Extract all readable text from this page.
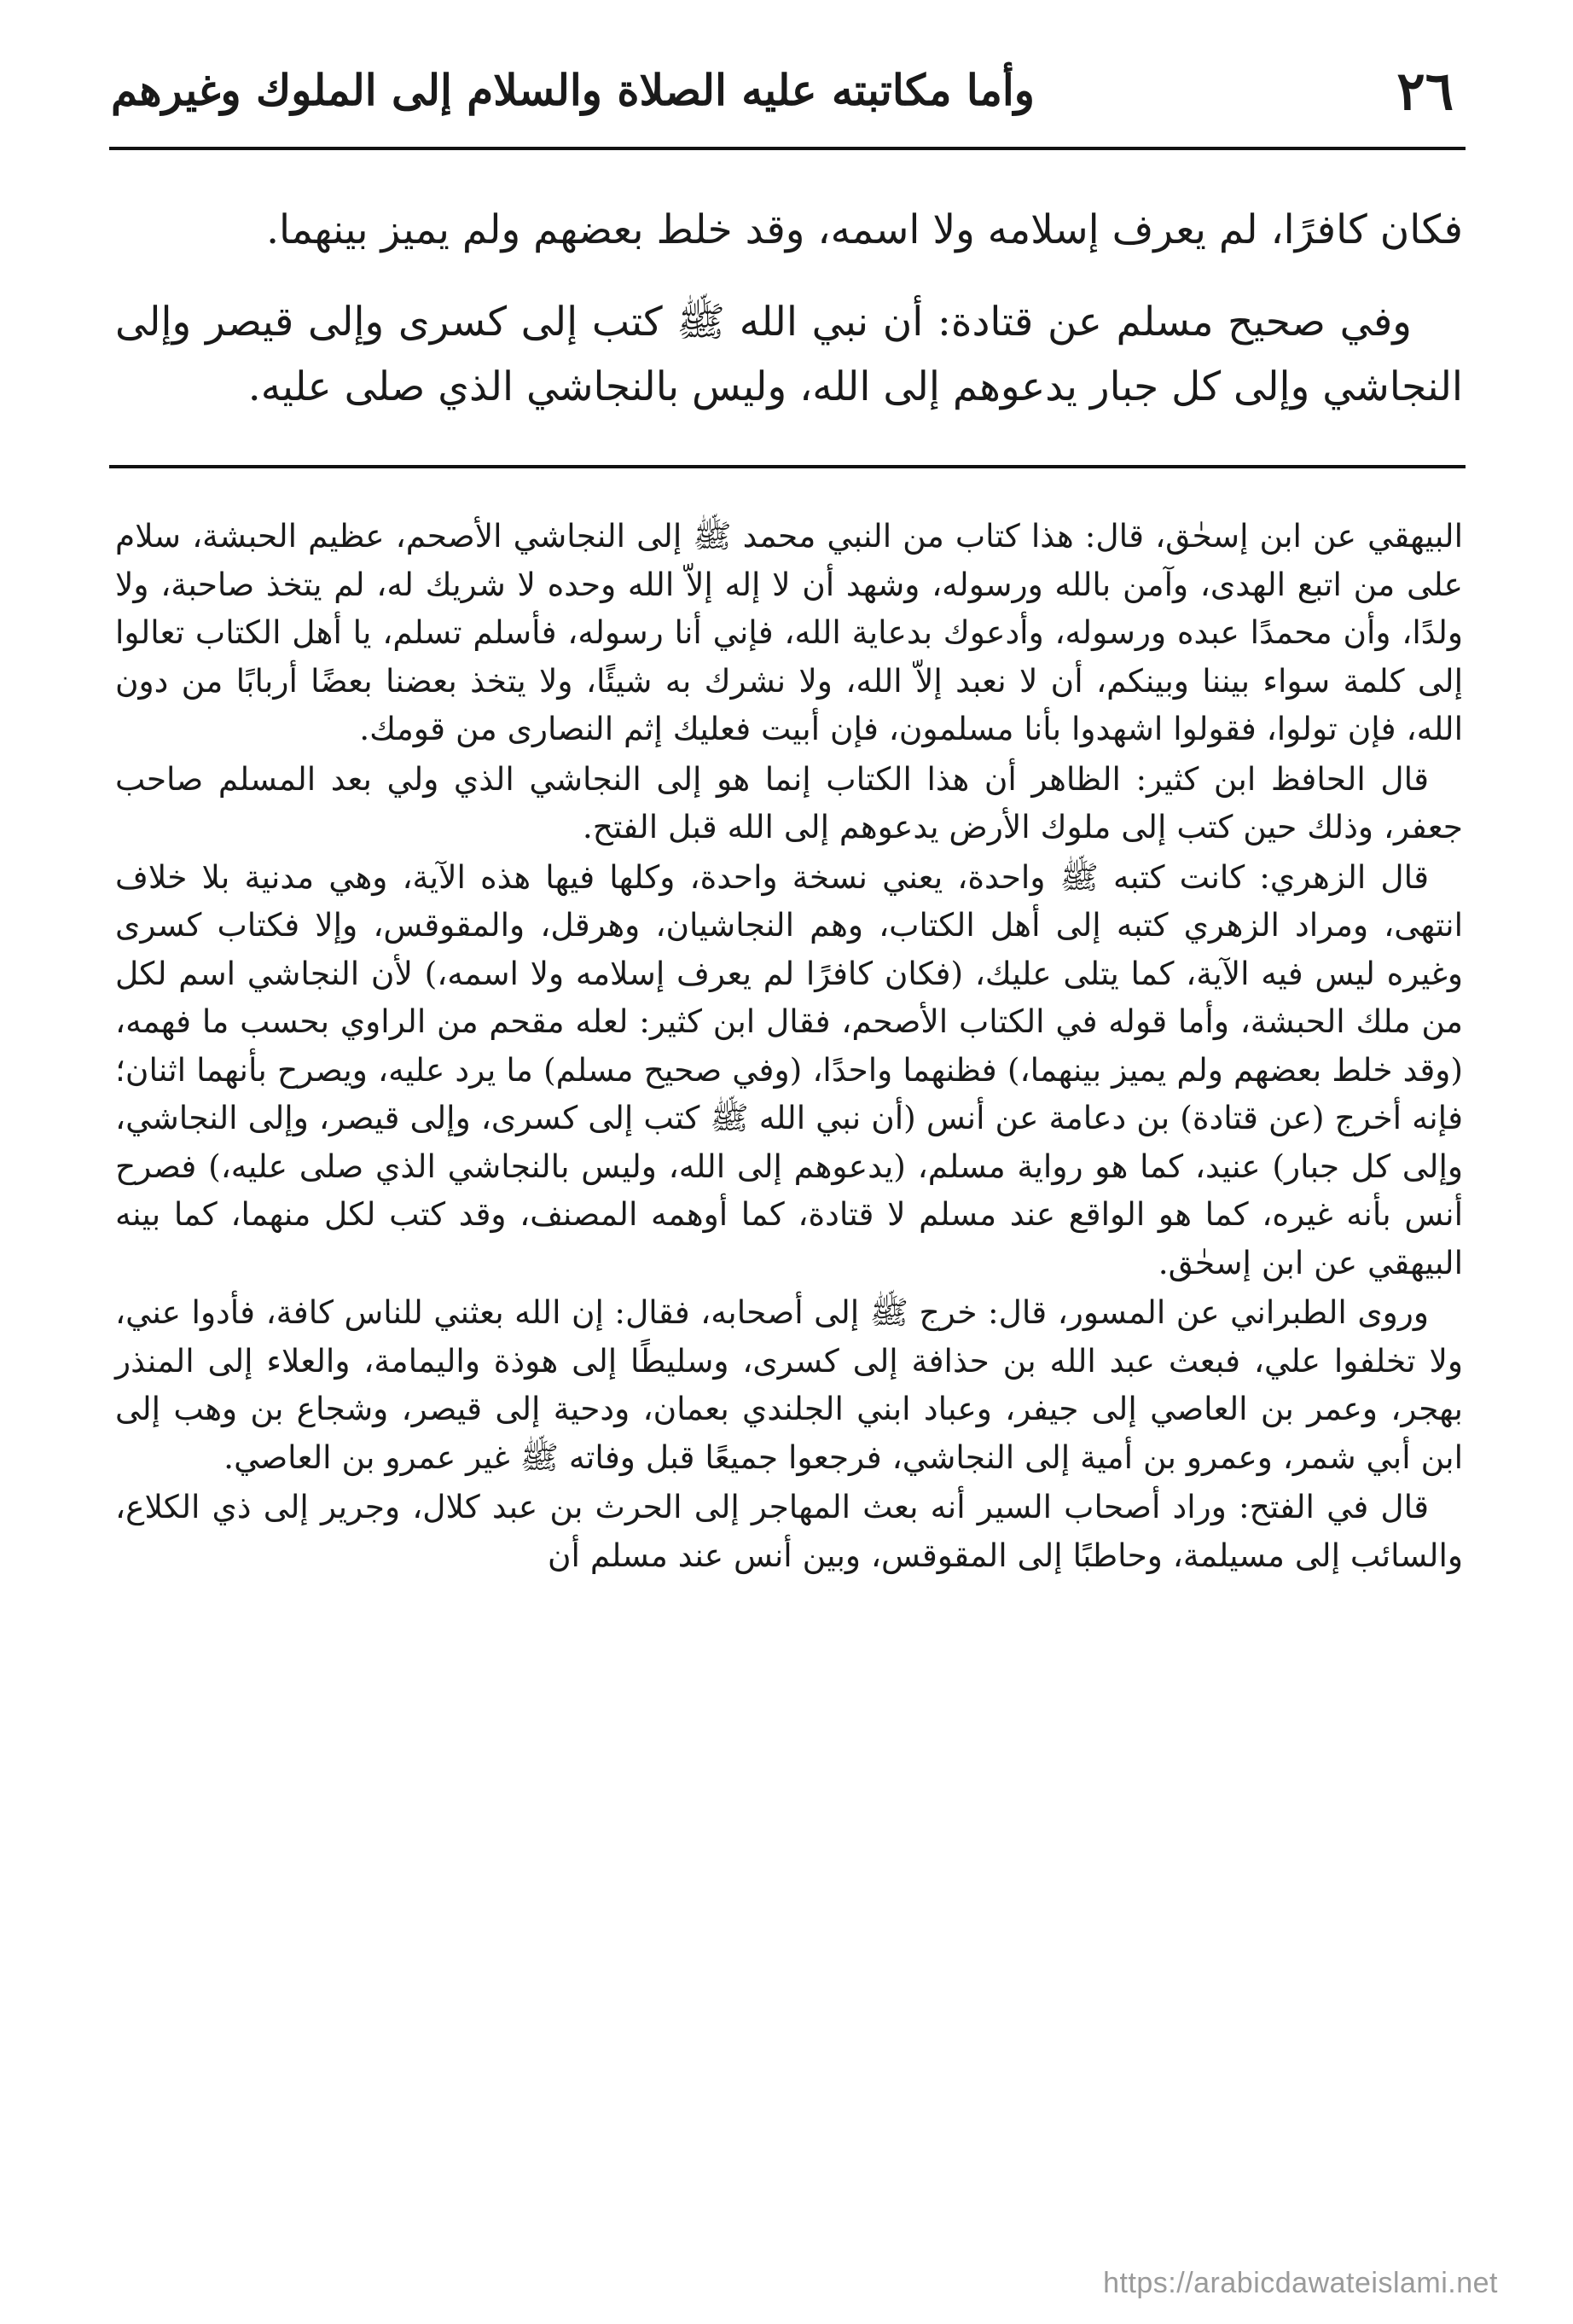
٢٦
وأما مكاتبته عليه الصلاة والسلام إلى الملوك وغيرهم

فكان كافرًا، لم يعرف إسلامه ولا اسمه، وقد خلط بعضهم ولم يميز بينهما.

وفي صحيح مسلم عن قتادة: أن نبي الله ﷺ كتب إلى كسرى وإلى قيصر وإلى النجاشي وإلى كل جبار يدعوهم إلى الله، وليس بالنجاشي الذي صلى عليه.

البيهقي عن ابن إسحٰق، قال: هذا كتاب من النبي محمد ﷺ إلى النجاشي الأصحم، عظيم الحبشة، سلام على من اتبع الهدى، وآمن بالله ورسوله، وشهد أن لا إله إلاّ الله وحده لا شريك له، لم يتخذ صاحبة، ولا ولدًا، وأن محمدًا عبده ورسوله، وأدعوك بدعاية الله، فإني أنا رسوله، فأسلم تسلم، يا أهل الكتاب تعالوا إلى كلمة سواء بيننا وبينكم، أن لا نعبد إلاّ الله، ولا نشرك به شيئًا، ولا يتخذ بعضنا بعضًا أربابًا من دون الله، فإن تولوا، فقولوا اشهدوا بأنا مسلمون، فإن أبيت فعليك إثم النصارى من قومك.

قال الحافظ ابن كثير: الظاهر أن هذا الكتاب إنما هو إلى النجاشي الذي ولي بعد المسلم صاحب جعفر، وذلك حين كتب إلى ملوك الأرض يدعوهم إلى الله قبل الفتح.

قال الزهري: كانت كتبه ﷺ واحدة، يعني نسخة واحدة، وكلها فيها هذه الآية، وهي مدنية بلا خلاف انتهى، ومراد الزهري كتبه إلى أهل الكتاب، وهم النجاشيان، وهرقل، والمقوقس، وإلا فكتاب كسرى وغيره ليس فيه الآية، كما يتلى عليك، (فكان كافرًا لم يعرف إسلامه ولا اسمه،) لأن النجاشي اسم لكل من ملك الحبشة، وأما قوله في الكتاب الأصحم، فقال ابن كثير: لعله مقحم من الراوي بحسب ما فهمه، (وقد خلط بعضهم ولم يميز بينهما،) فظنهما واحدًا، (وفي صحيح مسلم) ما يرد عليه، ويصرح بأنهما اثنان؛ فإنه أخرج (عن قتادة) بن دعامة عن أنس (أن نبي الله ﷺ كتب إلى كسرى، وإلى قيصر، وإلى النجاشي، وإلى كل جبار) عنيد، كما هو رواية مسلم، (يدعوهم إلى الله، وليس بالنجاشي الذي صلى عليه،) فصرح أنس بأنه غيره، كما هو الواقع عند مسلم لا قتادة، كما أوهمه المصنف، وقد كتب لكل منهما، كما بينه البيهقي عن ابن إسحٰق.

وروى الطبراني عن المسور، قال: خرج ﷺ إلى أصحابه، فقال: إن الله بعثني للناس كافة، فأدوا عني، ولا تخلفوا علي، فبعث عبد الله بن حذافة إلى كسرى، وسليطًا إلى هوذة واليمامة، والعلاء إلى المنذر بهجر، وعمر بن العاصي إلى جيفر، وعباد ابني الجلندي بعمان، ودحية إلى قيصر، وشجاع بن وهب إلى ابن أبي شمر، وعمرو بن أمية إلى النجاشي، فرجعوا جميعًا قبل وفاته ﷺ غير عمرو بن العاصي.

قال في الفتح: وراد أصحاب السير أنه بعث المهاجر إلى الحرث بن عبد كلال، وجرير إلى ذي الكلاع، والسائب إلى مسيلمة، وحاطبًا إلى المقوقس، وبين أنس عند مسلم أن

https://arabicdawateislami.net
